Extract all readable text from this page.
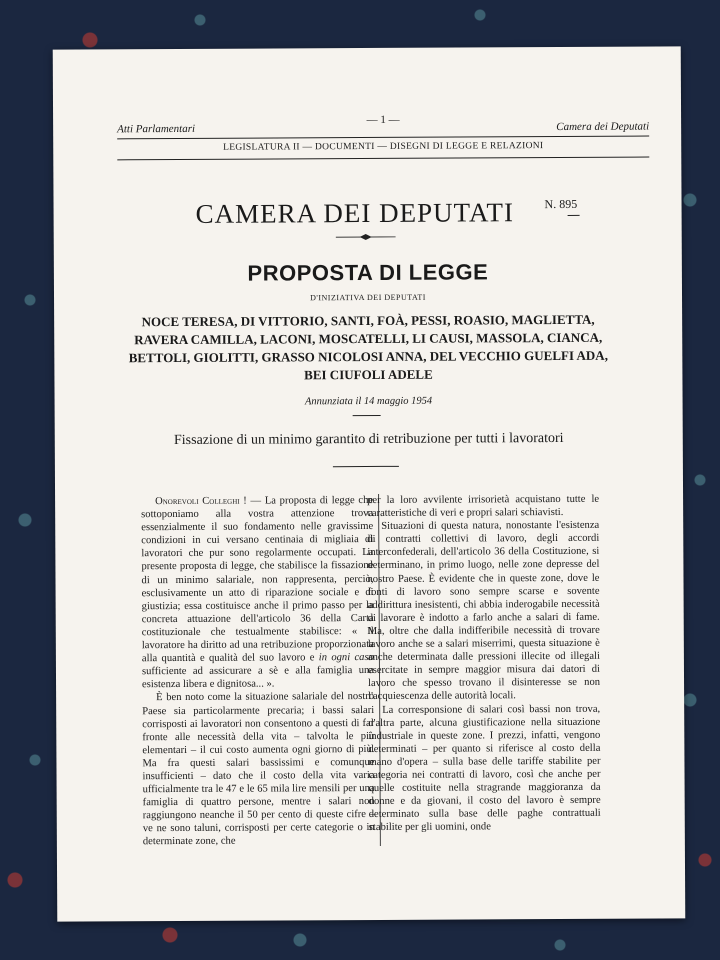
Atti Parlamentari
— 1 —
Camera dei Deputati
LEGISLATURA II — DOCUMENTI — DISEGNI DI LEGGE E RELAZIONI
CAMERA DEI DEPUTATI	N. 895
PROPOSTA DI LEGGE
D'INIZIATIVA DEI DEPUTATI
NOCE TERESA, DI VITTORIO, SANTI, FOÀ, PESSI, ROASIO, MAGLIETTA, RAVERA CAMILLA, LACONI, MOSCATELLI, LI CAUSI, MASSOLA, CIANCA, BETTOLI, GIOLITTI, GRASSO NICOLOSI ANNA, DEL VECCHIO GUELFI ADA, BEI CIUFOLI ADELE
Annunziata il 14 maggio 1954
Fissazione di un minimo garantito di retribuzione per tutti i lavoratori

Onorevoli Colleghi ! — La proposta di legge che sottoponiamo alla vostra attenzione trova essenzialmente il suo fondamento nelle gravissime condizioni in cui versano centinaia di migliaia di lavoratori che pur sono regolarmente occupati. La presente proposta di legge, che stabilisce la fissazione di un minimo salariale, non rappresenta, perciò, esclusivamente un atto di riparazione sociale e di giustizia; essa costituisce anche il primo passo per la concreta attuazione dell'articolo 36 della Carta costituzionale che testualmente stabilisce: « Il lavoratore ha diritto ad una retribuzione proporzionata alla quantità e qualità del suo lavoro e in ogni caso sufficiente ad assicurare a sè e alla famiglia una esistenza libera e dignitosa... ».

È ben noto come la situazione salariale del nostro Paese sia particolarmente precaria; i bassi salari corrisposti ai lavoratori non consentono a questi di far fronte alle necessità della vita – talvolta le più elementari – il cui costo aumenta ogni giorno di più. Ma fra questi salari bassissimi e comunque insufficienti – dato che il costo della vita varia ufficialmente tra le 47 e le 65 mila lire mensili per una famiglia di quattro persone, mentre i salari non raggiungono neanche il 50 per cento di queste cifre – ve ne sono taluni, corrisposti per certe categorie o in determinate zone, che

per la loro avvilente irrisorietà acquistano tutte le caratteristiche di veri e propri salari schiavisti.

Situazioni di questa natura, nonostante l'esistenza di contratti collettivi di lavoro, degli accordi interconfederali, dell'articolo 36 della Costituzione, si determinano, in primo luogo, nelle zone depresse del nostro Paese. È evidente che in queste zone, dove le fonti di lavoro sono sempre scarse e sovente addirittura inesistenti, chi abbia inderogabile necessità di lavorare è indotto a farlo anche a salari di fame. Ma, oltre che dalla indifferibile necessità di trovare lavoro anche se a salari miserrimi, questa situazione è anche determinata dalle pressioni illecite od illegali esercitate in sempre maggior misura dai datori di lavoro che spesso trovano il disinteresse se non l'acquiescenza delle autorità locali.

La corresponsione di salari così bassi non trova, d'altra parte, alcuna giustificazione nella situazione industriale in queste zone. I prezzi, infatti, vengono determinati – per quanto si riferisce al costo della mano d'opera – sulla base delle tariffe stabilite per categoria nei contratti di lavoro, così che anche per quelle costituite nella stragrande maggioranza da donne e da giovani, il costo del lavoro è sempre determinato sulla base delle paghe contrattuali stabilite per gli uomini, onde
